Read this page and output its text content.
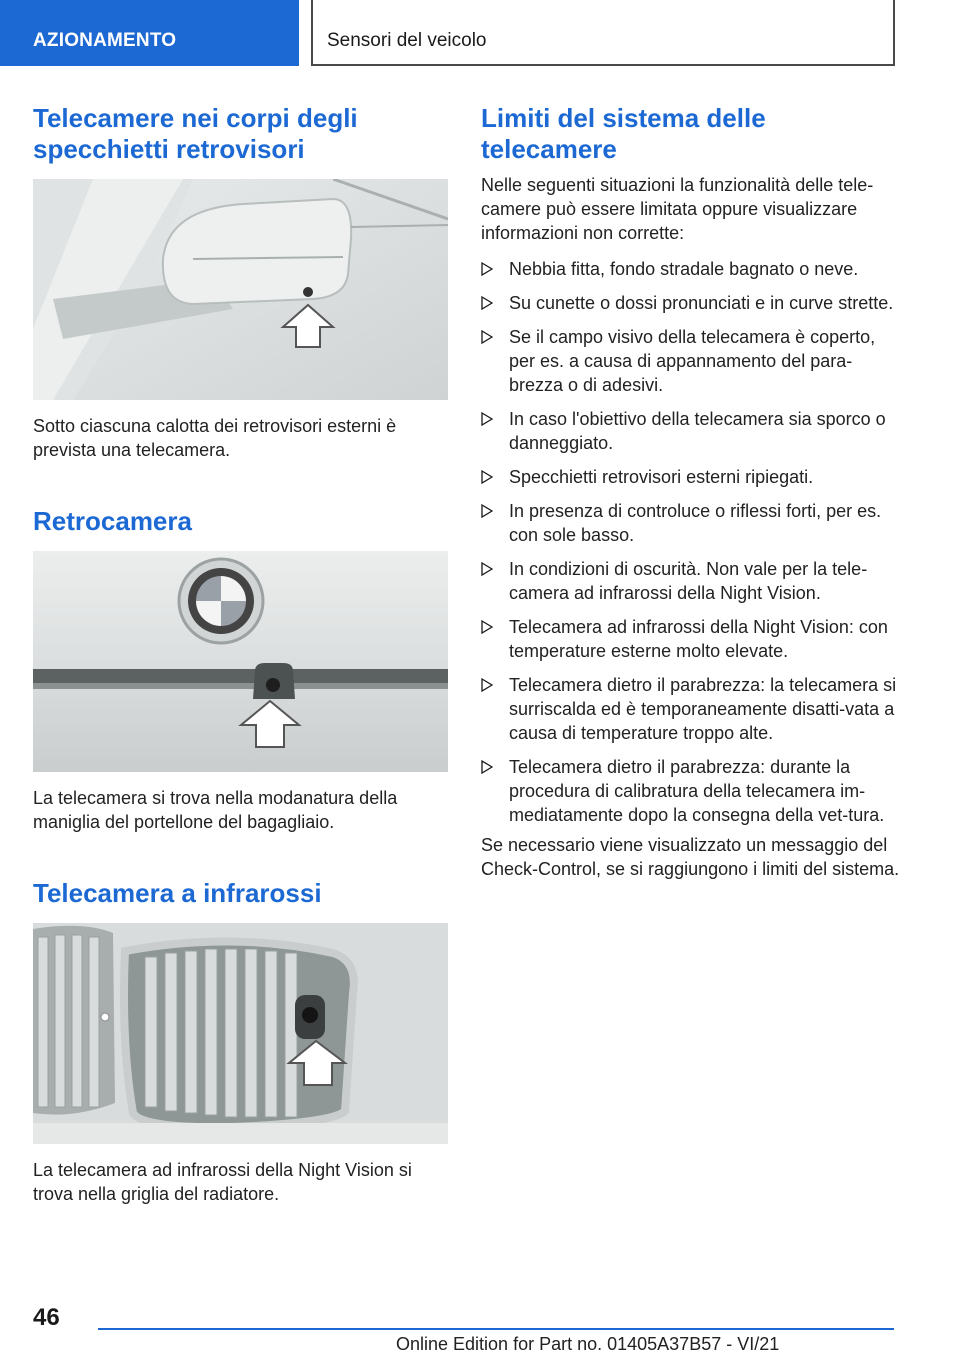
AZIONAMENTO	Sensori del veicolo
Telecamere nei corpi degli specchietti retrovisori

Sotto ciascuna calotta dei retrovisori esterni è prevista una telecamera.

Retrocamera

La telecamera si trova nella modanatura della maniglia del portellone del bagagliaio.

Telecamera a infrarossi

La telecamera ad infrarossi della Night Vision si trova nella griglia del radiatore.

Limiti del sistema delle telecamere

Nelle seguenti situazioni la funzionalità delle tele‐camere può essere limitata oppure visualizzare informazioni non corrette:

Nebbia fitta, fondo stradale bagnato o neve.
Su cunette o dossi pronunciati e in curve strette.
Se il campo visivo della telecamera è coperto, per es. a causa di appannamento del para‐brezza o di adesivi.
In caso l'obiettivo della telecamera sia sporco o danneggiato.
Specchietti retrovisori esterni ripiegati.
In presenza di controluce o riflessi forti, per es. con sole basso.
In condizioni di oscurità. Non vale per la tele‐camera ad infrarossi della Night Vision.
Telecamera ad infrarossi della Night Vision: con temperature esterne molto elevate.
Telecamera dietro il parabrezza: la telecamera si surriscalda ed è temporaneamente disatti‐vata a causa di temperature troppo alte.
Telecamera dietro il parabrezza: durante la procedura di calibratura della telecamera im‐mediatamente dopo la consegna della vet‐tura.

Se necessario viene visualizzato un messaggio del Check-Control, se si raggiungono i limiti del sistema.

46
Online Edition for Part no. 01405A37B57 - VI/21
